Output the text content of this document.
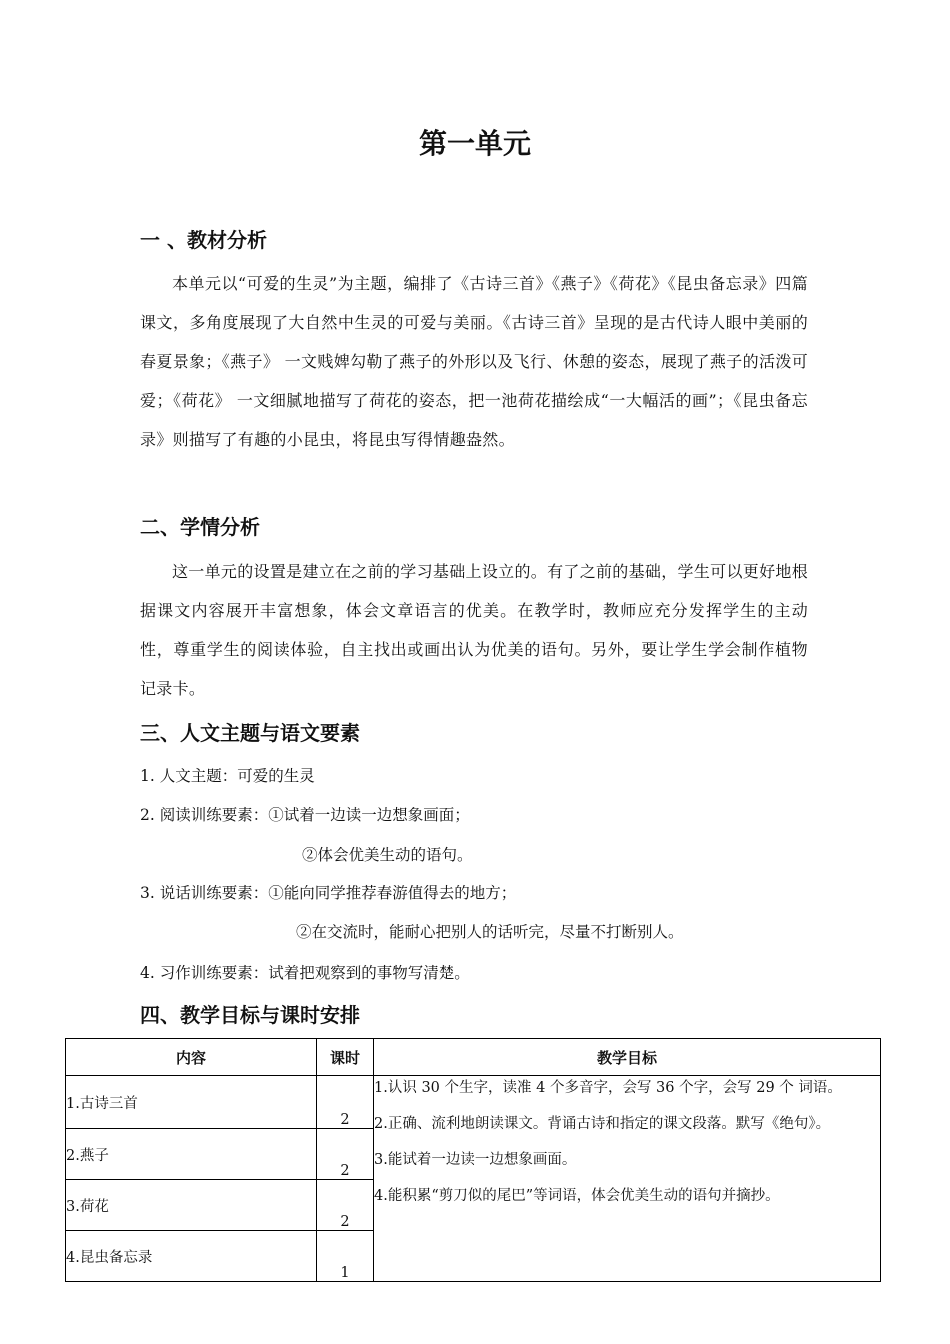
第一单元
一 、教材分析

本单元以“可爱的生灵”为主题，编排了《古诗三首》《燕子》《荷花》《昆虫备忘录》四篇课文，多角度展现了大自然中生灵的可爱与美丽。《古诗三首》呈现的是古代诗人眼中美丽的春夏景象；《燕子》 一文贱婢勾勒了燕子的外形以及飞行、休憩的姿态，展现了燕子的活泼可爱；《荷花》 一文细腻地描写了荷花的姿态，把一池荷花描绘成“一大幅活的画”；《昆虫备忘录》则描写了有趣的小昆虫，将昆虫写得情趣盎然。

二、学情分析

这一单元的设置是建立在之前的学习基础上设立的。有了之前的基础，学生可以更好地根据课文内容展开丰富想象，体会文章语言的优美。在教学时，教师应充分发挥学生的主动性，尊重学生的阅读体验，自主找出或画出认为优美的语句。另外，要让学生学会制作植物记录卡。

三、人文主题与语文要素

1. 人文主题：可爱的生灵

2. 阅读训练要素：①试着一边读一边想象画面；

②体会优美生动的语句。

3. 说话训练要素：①能向同学推荐春游值得去的地方；

②在交流时，能耐心把别人的话听完，尽量不打断别人。

4. 习作训练要素：试着把观察到的事物写清楚。

四、教学目标与课时安排
内容	课时	教学目标
1.古诗三首	2	1.认识 30 个生字，读准 4 个多音字，会写 36 个字，会写 29 个 词语。

2.正确、流利地朗读课文。背诵古诗和指定的课文段落。默写《绝句》。

3.能试着一边读一边想象画面。

4.能积累“剪刀似的尾巴”等词语，体会优美生动的语句并摘抄。

2.燕子	2	
3.荷花	2	
4.昆虫备忘录	1	
